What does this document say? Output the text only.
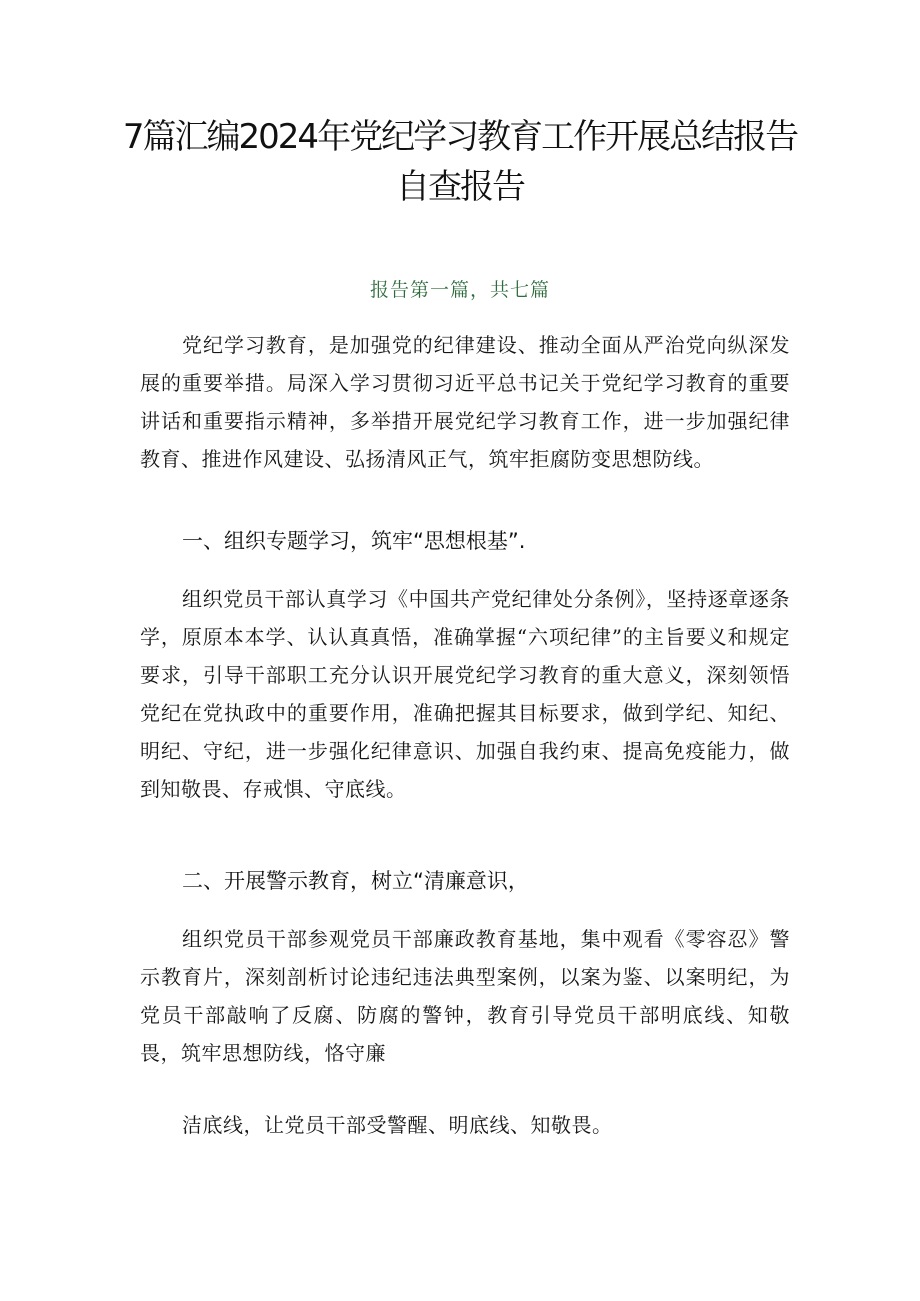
7篇汇编2024年党纪学习教育工作开展总结报告自查报告
报告第一篇，共七篇
党纪学习教育，是加强党的纪律建设、推动全面从严治党向纵深发展的重要举措。局深入学习贯彻习近平总书记关于党纪学习教育的重要讲话和重要指示精神，多举措开展党纪学习教育工作，进一步加强纪律教育、推进作风建设、弘扬清风正气，筑牢拒腐防变思想防线。
一、组织专题学习，筑牢“思想根基”.
组织党员干部认真学习《中国共产党纪律处分条例》，坚持逐章逐条学，原原本本学、认认真真悟，准确掌握“六项纪律”的主旨要义和规定要求，引导干部职工充分认识开展党纪学习教育的重大意义，深刻领悟党纪在党执政中的重要作用，准确把握其目标要求，做到学纪、知纪、明纪、守纪，进一步强化纪律意识、加强自我约束、提高免疫能力，做到知敬畏、存戒惧、守底线。
二、开展警示教育，树立“清廉意识，
组织党员干部参观党员干部廉政教育基地，集中观看《零容忍》警示教育片，深刻剖析讨论违纪违法典型案例，以案为鉴、以案明纪，为党员干部敲响了反腐、防腐的警钟，教育引导党员干部明底线、知敬畏，筑牢思想防线，恪守廉
洁底线，让党员干部受警醒、明底线、知敬畏。
